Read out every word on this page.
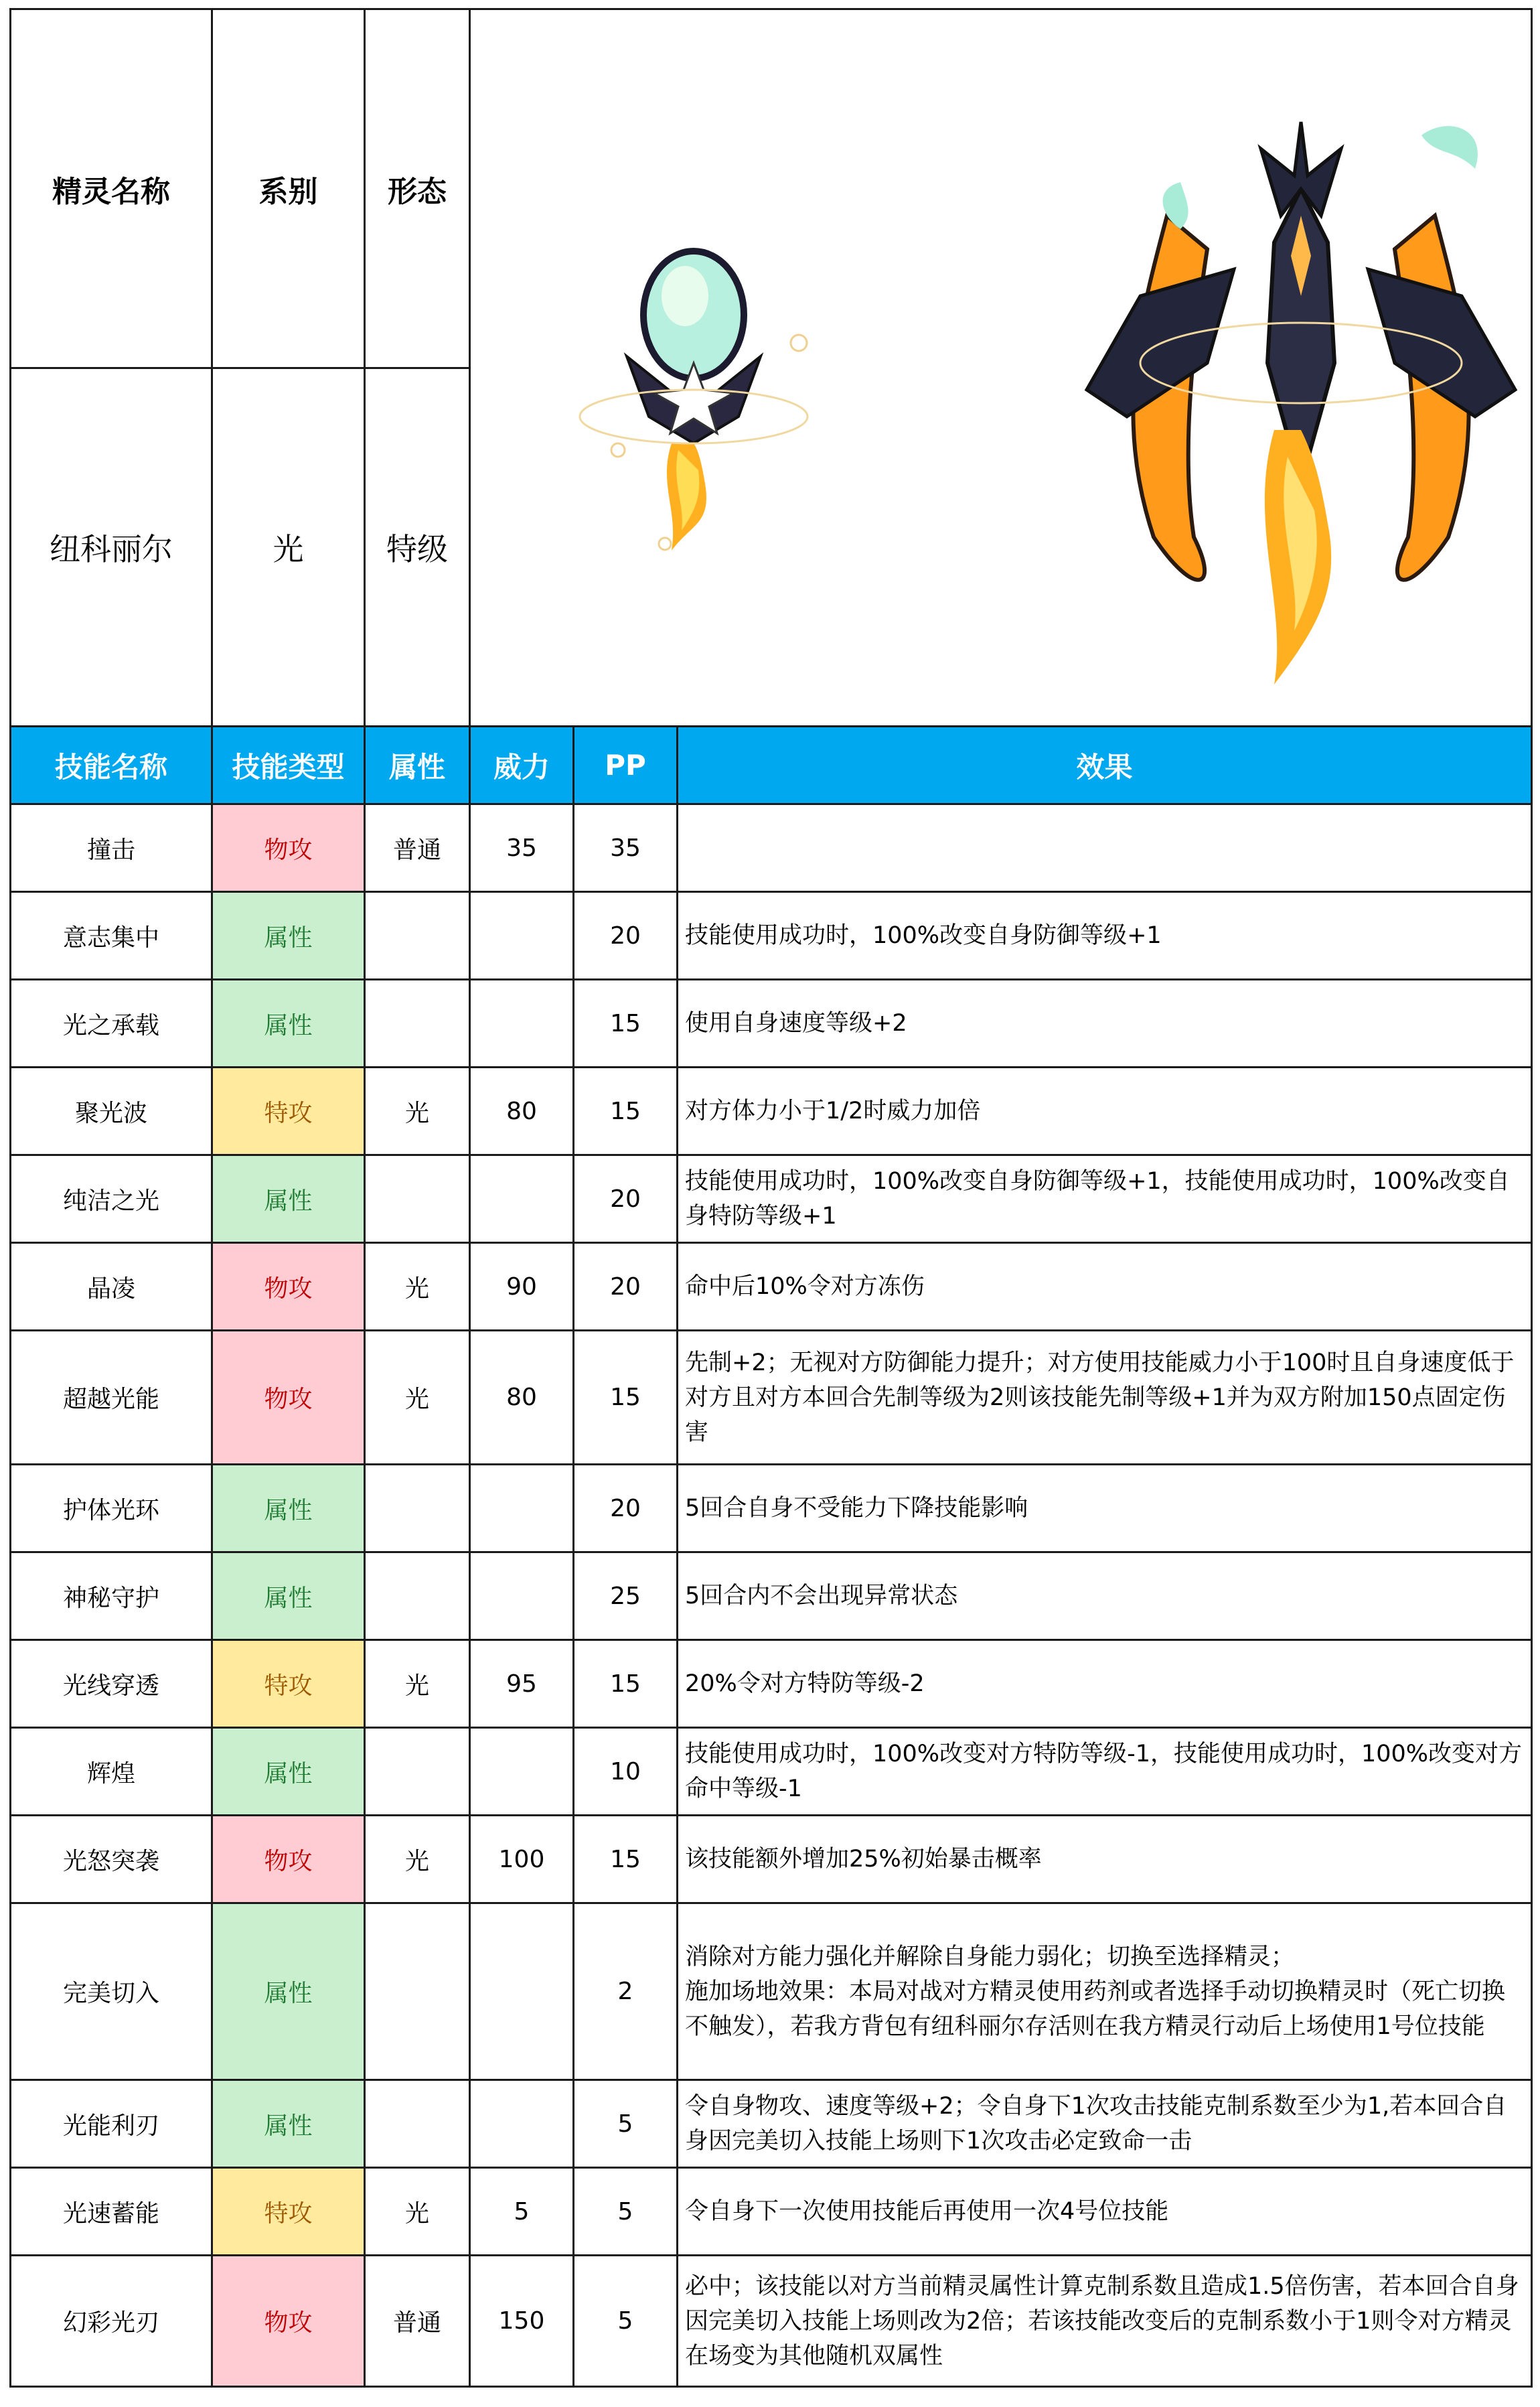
精灵名称	系别	形态	

纽科丽尔	光	特级			
技能名称	技能类型	属性	威力	PP	效果
撞击	物攻	普通	35	35	
意志集中	属性			20	技能使用成功时，100%改变自身防御等级+1
光之承载	属性			15	使用自身速度等级+2
聚光波	特攻	光	80	15	对方体力小于1/2时威力加倍
纯洁之光	属性			20	技能使用成功时，100%改变自身防御等级+1，技能使用成功时，100%改变自身特防等级+1
晶凌	物攻	光	90	20	命中后10%令对方冻伤
超越光能	物攻	光	80	15	先制+2；无视对方防御能力提升；对方使用技能威力小于100时且自身速度低于对方且对方本回合先制等级为2则该技能先制等级+1并为双方附加150点固定伤害
护体光环	属性			20	5回合自身不受能力下降技能影响
神秘守护	属性			25	5回合内不会出现异常状态
光线穿透	特攻	光	95	15	20%令对方特防等级-2
辉煌	属性			10	技能使用成功时，100%改变对方特防等级-1，技能使用成功时，100%改变对方命中等级-1
光怒突袭	物攻	光	100	15	该技能额外增加25%初始暴击概率
完美切入	属性			2	消除对方能力强化并解除自身能力弱化；切换至选择精灵；
施加场地效果：本局对战对方精灵使用药剂或者选择手动切换精灵时（死亡切换不触发），若我方背包有纽科丽尔存活则在我方精灵行动后上场使用1号位技能
光能利刃	属性			5	令自身物攻、速度等级+2；令自身下1次攻击技能克制系数至少为1,若本回合自身因完美切入技能上场则下1次攻击必定致命一击
光速蓄能	特攻	光	5	5	令自身下一次使用技能后再使用一次4号位技能
幻彩光刃	物攻	普通	150	5	必中；该技能以对方当前精灵属性计算克制系数且造成1.5倍伤害，若本回合自身因完美切入技能上场则改为2倍；若该技能改变后的克制系数小于1则令对方精灵在场变为其他随机双属性
